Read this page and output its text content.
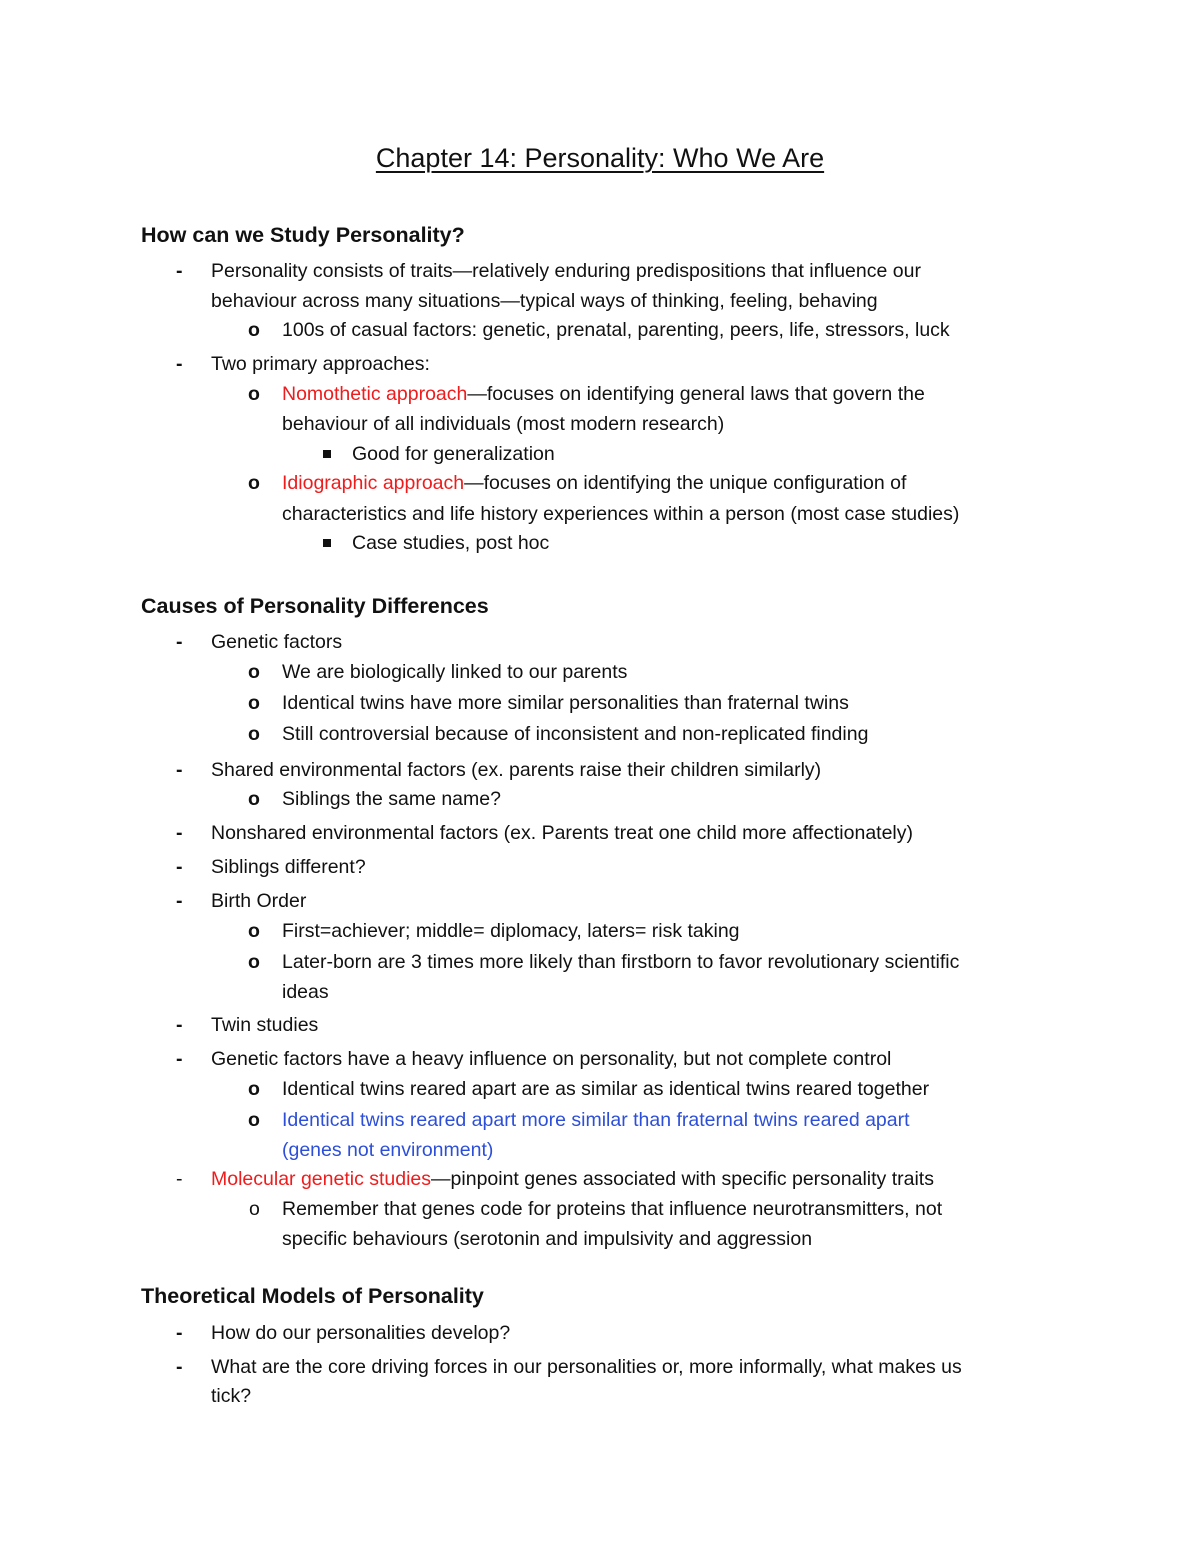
Chapter 14: Personality: Who We Are
How can we Study Personality?
- Personality consists of traits—relatively enduring predispositions that influence our

behaviour across many situations—typical ways of thinking, feeling, behaving

o 100s of casual factors: genetic, prenatal, parenting, peers, life, stressors, luck

- Two primary approaches:

o Nomothetic approach—focuses on identifying general laws that govern the

behaviour of all individuals (most modern research)

Good for generalization

o Idiographic approach—focuses on identifying the unique configuration of

characteristics and life history experiences within a person (most case studies)

Case studies, post hoc

Causes of Personality Differences
- Genetic factors

o We are biologically linked to our parents

o Identical twins have more similar personalities than fraternal twins

o Still controversial because of inconsistent and non-replicated finding

- Shared environmental factors (ex. parents raise their children similarly)

o Siblings the same name?

- Nonshared environmental factors (ex. Parents treat one child more affectionately)

- Siblings different?

- Birth Order

o First=achiever; middle= diplomacy, laters= risk taking

o Later-born are 3 times more likely than firstborn to favor revolutionary scientific

ideas

- Twin studies

- Genetic factors have a heavy influence on personality, but not complete control

o Identical twins reared apart are as similar as identical twins reared together

o Identical twins reared apart more similar than fraternal twins reared apart

(genes not environment)

- Molecular genetic studies—pinpoint genes associated with specific personality traits

o Remember that genes code for proteins that influence neurotransmitters, not

specific behaviours (serotonin and impulsivity and aggression

Theoretical Models of Personality
- How do our personalities develop?

- What are the core driving forces in our personalities or, more informally, what makes us

tick?
